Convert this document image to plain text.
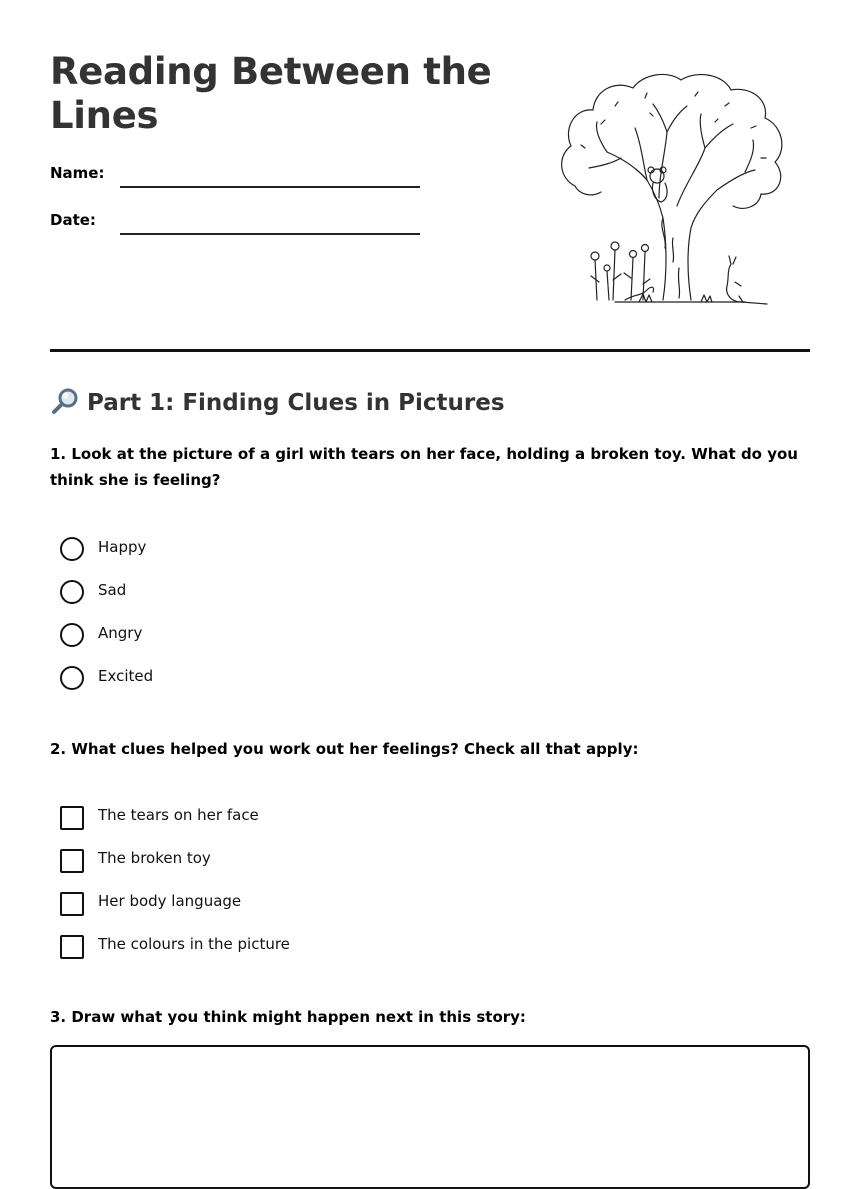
Reading Between the Lines
Name:
Date:
Part 1: Finding Clues in Pictures

1. Look at the picture of a girl with tears on her face, holding a broken toy. What do you think she is feeling?

Happy
Sad
Angry
Excited

2. What clues helped you work out her feelings? Check all that apply:

The tears on her face
The broken toy
Her body language
The colours in the picture

3. Draw what you think might happen next in this story:
